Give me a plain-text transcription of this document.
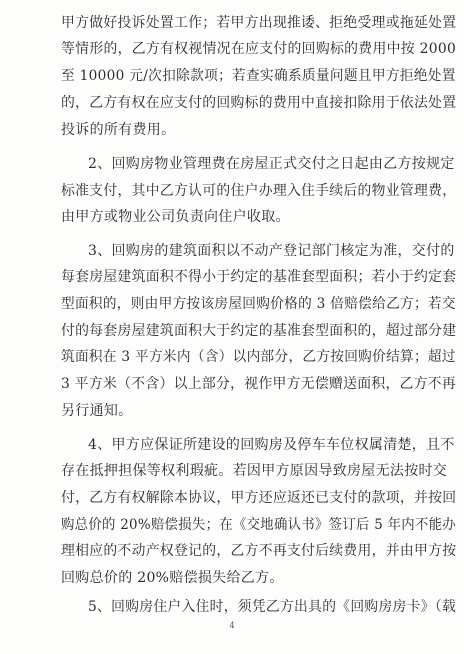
甲方做好投诉处置工作；若甲方出现推诿、拒绝受理或拖延处置
等情形的，乙方有权视情况在应支付的回购标的费用中按 2000
至 10000 元/次扣除款项；若查实确系质量问题且甲方拒绝处置
的，乙方有权在应支付的回购标的费用中直接扣除用于依法处置
投诉的所有费用。
2、回购房物业管理费在房屋正式交付之日起由乙方按规定
标准支付，其中乙方认可的住户办理入住手续后的物业管理费，
由甲方或物业公司负责向住户收取。
3、回购房的建筑面积以不动产登记部门核定为准，交付的
每套房屋建筑面积不得小于约定的基准套型面积；若小于约定套
型面积的，则由甲方按该房屋回购价格的 3 倍赔偿给乙方；若交
付的每套房屋建筑面积大于约定的基准套型面积的，超过部分建
筑面积在 3 平方米内（含）以内部分，乙方按回购价结算；超过
3 平方米（不含）以上部分，视作甲方无偿赠送面积，乙方不再
另行通知。
4、甲方应保证所建设的回购房及停车车位权属清楚，且不
存在抵押担保等权利瑕疵。若因甲方原因导致房屋无法按时交
付，乙方有权解除本协议，甲方还应返还已支付的款项，并按回
购总价的 20%赔偿损失；在《交地确认书》签订后 5 年内不能办
理相应的不动产权登记的，乙方不再支付后续费用，并由甲方按
回购总价的 20%赔偿损失给乙方。
5、回购房住户入住时，须凭乙方出具的《回购房房卡》（载
4
